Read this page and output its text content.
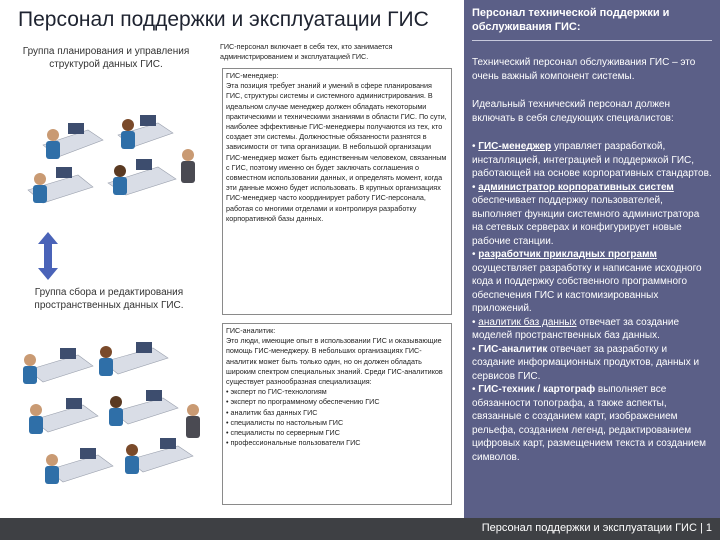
Персонал поддержки и эксплуатации ГИС
Группа планирования и управления структурой данных ГИС.
Группа сбора и редактирования пространственных данных ГИС.
ГИС-персонал включает в себя тех, кто занимается администрированием и эксплуатацией ГИС.

ГИС-менеджер:

Эта позиция требует знаний и умений в сфере планирования ГИС, структуры системы и системного администрирования. В идеальном случае менеджер должен обладать некоторыми практическими и техническими знаниями в области ГИС. По сути, наиболее эффективные ГИС-менеджеры получаются из тех, кто создает эти системы. Должностные обязанности разнятся в зависимости от типа организации. В небольшой организации ГИС-менеджер может быть единственным человеком, связанным с ГИС, поэтому именно он будет заключать соглашения о совместном использовании данных, и определять момент, когда эти данные можно будет использовать. В крупных организациях ГИС-менеджер часто координирует работу ГИС-персонала, работая со многими отделами и контролируя разработку корпоративной базы данных.

ГИС-аналитик:

Это люди, имеющие опыт в использовании ГИС и оказывающие помощь ГИС-менеджеру. В небольших организациях ГИС-аналитик может быть только один, но он должен обладать широким спектром специальных знаний. Среди ГИС-аналитиков существует разнообразная специализация:

• эксперт по ГИС-технологиям
• эксперт по программному обеспечению ГИС
• аналитик баз данных ГИС
• специалисты по настольным ГИС
• специалисты по серверным ГИС
• профессиональные пользователи ГИС
Персонал технической поддержки и обслуживания ГИС:
Технический персонал обслуживания ГИС – это очень важный компонент системы.
Идеальный технический персонал должен включать в себя следующих специалистов:
• ГИС-менеджер управляет разработкой, инсталляцией, интеграцией и поддержкой ГИС, работающей на основе корпоративных стандартов.
• администратор корпоративных систем обеспечивает поддержку пользователей, выполняет функции системного администратора на сетевых серверах и конфигурирует новые рабочие станции.
• разработчик прикладных программ осуществляет разработку и написание исходного кода и поддержку собственного программного обеспечения ГИС и кастомизированных приложений.
• аналитик баз данных отвечает за создание моделей пространственных баз данных.
• ГИС-аналитик отвечает за разработку и создание информационных продуктов, данных и сервисов ГИС.
• ГИС-техник / картограф выполняет все обязанности топографа, а также аспекты, связанные с созданием карт, изображением рельефа, созданием легенд, редактированием цифровых карт, размещением текста и созданием символов.
Персонал поддержки и эксплуатации ГИС | 1
